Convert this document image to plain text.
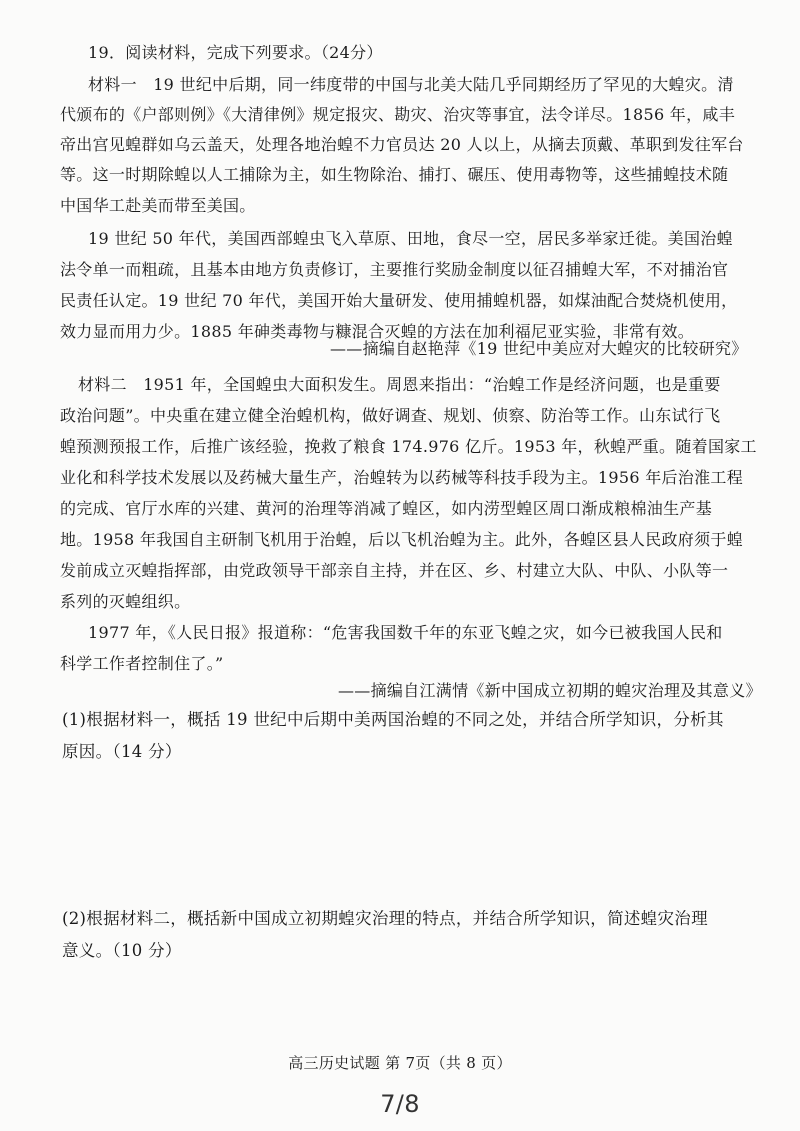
19．阅读材料，完成下列要求。（24分）
材料一　19 世纪中后期，同一纬度带的中国与北美大陆几乎同期经历了罕见的大蝗灾。清
代颁布的《户部则例》《大清律例》规定报灾、勘灾、治灾等事宜，法令详尽。1856 年，咸丰
帝出宫见蝗群如乌云盖天，处理各地治蝗不力官员达 20 人以上，从摘去顶戴、革职到发往军台
等。这一时期除蝗以人工捕除为主，如生物除治、捕打、碾压、使用毒物等，这些捕蝗技术随
中国华工赴美而带至美国。
19 世纪 50 年代，美国西部蝗虫飞入草原、田地，食尽一空，居民多举家迁徙。美国治蝗
法令单一而粗疏，且基本由地方负责修订，主要推行奖励金制度以征召捕蝗大军，不对捕治官
民责任认定。19 世纪 70 年代，美国开始大量研发、使用捕蝗机器，如煤油配合焚烧机使用，
效力显而用力少。1885 年砷类毒物与糠混合灭蝗的方法在加利福尼亚实验，非常有效。
——摘编自赵艳萍《19 世纪中美应对大蝗灾的比较研究》
材料二　1951 年，全国蝗虫大面积发生。周恩来指出：“治蝗工作是经济问题，也是重要
政治问题”。中央重在建立健全治蝗机构，做好调查、规划、侦察、防治等工作。山东试行飞
蝗预测预报工作，后推广该经验，挽救了粮食 174.976 亿斤。1953 年，秋蝗严重。随着国家工
业化和科学技术发展以及药械大量生产，治蝗转为以药械等科技手段为主。1956 年后治淮工程
的完成、官厅水库的兴建、黄河的治理等消减了蝗区，如内涝型蝗区周口渐成粮棉油生产基
地。1958 年我国自主研制飞机用于治蝗，后以飞机治蝗为主。此外，各蝗区县人民政府须于蝗
发前成立灭蝗指挥部，由党政领导干部亲自主持，并在区、乡、村建立大队、中队、小队等一
系列的灭蝗组织。
1977 年，《人民日报》报道称：“危害我国数千年的东亚飞蝗之灾，如今已被我国人民和
科学工作者控制住了。”
——摘编自江满情《新中国成立初期的蝗灾治理及其意义》
(1)根据材料一，概括 19 世纪中后期中美两国治蝗的不同之处，并结合所学知识，分析其
原因。（14 分）
(2)根据材料二，概括新中国成立初期蝗灾治理的特点，并结合所学知识，简述蝗灾治理
意义。（10 分）
高三历史试题 第 7页（共 8 页）
7/8
